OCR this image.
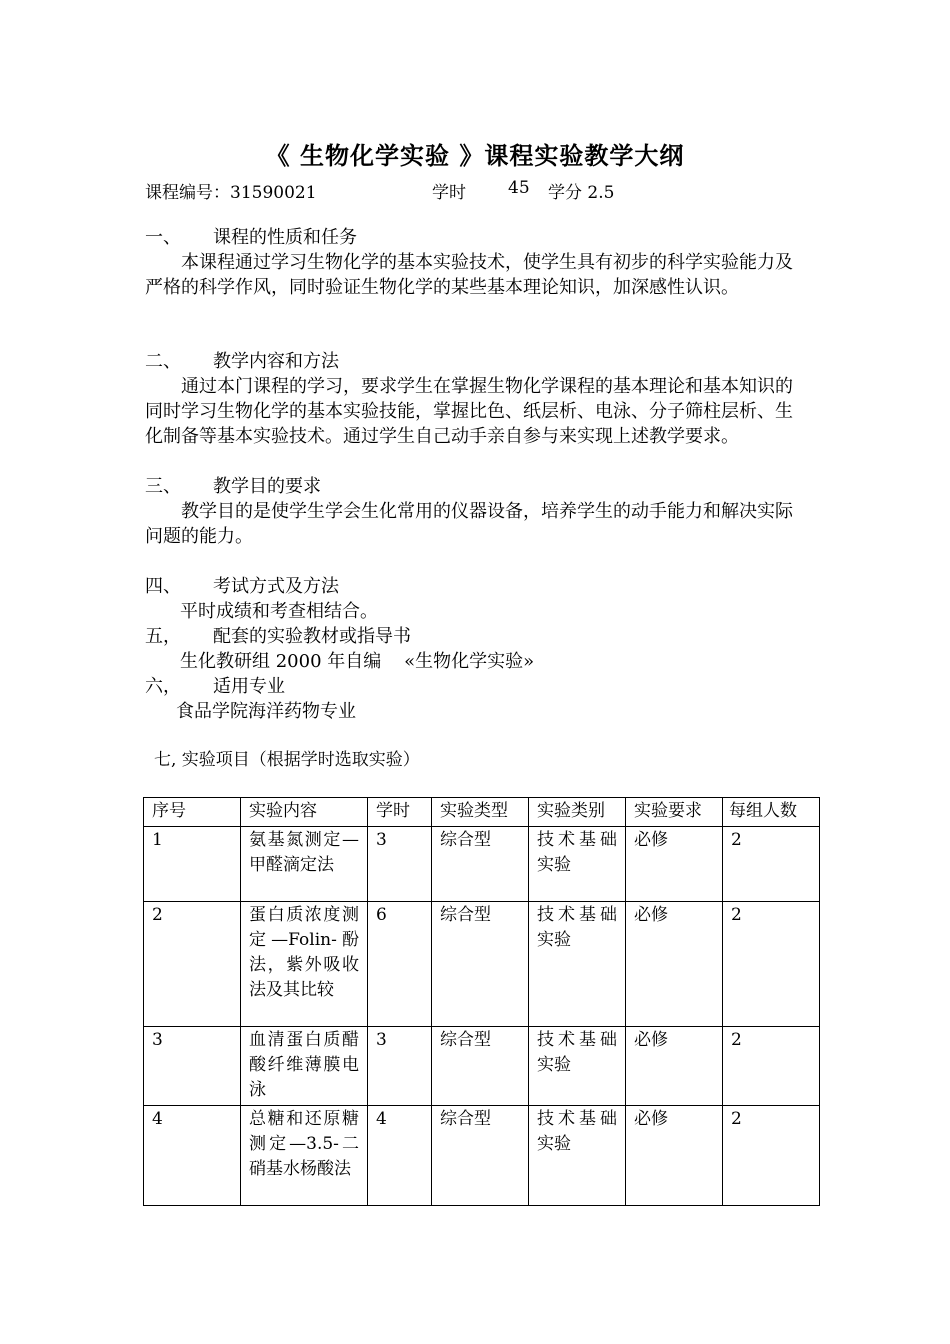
《 生物化学实验 》课程实验教学大纲
课程编号：31590021	学时 45 学分 2.5
一、 课程的性质和任务
本课程通过学习生物化学的基本实验技术，使学生具有初步的科学实验能力及严格的科学作风，同时验证生物化学的某些基本理论知识，加深感性认识。
二、 教学内容和方法
通过本门课程的学习，要求学生在掌握生物化学课程的基本理论和基本知识的同时学习生物化学的基本实验技能，掌握比色、纸层析、电泳、分子筛柱层析、生化制备等基本实验技术。通过学生自己动手亲自参与来实现上述教学要求。
三、 教学目的要求
教学目的是使学生学会生化常用的仪器设备，培养学生的动手能力和解决实际问题的能力。
四、 考试方式及方法
平时成绩和考查相结合。
五， 配套的实验教材或指导书
生化教研组 2000 年自编    «生物化学实验»
六， 适用专业
食品学院海洋药物专业
七, 实验项目（根据学时选取实验）
序号	实验内容	学时	实验类型	实验类别	实验要求	每组人数
1	氨基氮测定—甲醛滴定法	3	综合型	技术基础实验	必修	2
2	蛋白质浓度测定—Folin-酚法，紫外吸收法及其比较	6	综合型	技术基础实验	必修	2
3	血清蛋白质醋酸纤维薄膜电泳	3	综合型	技术基础实验	必修	2
4	总糖和还原糖测定—3.5-二硝基水杨酸法	4	综合型	技术基础实验	必修	2
